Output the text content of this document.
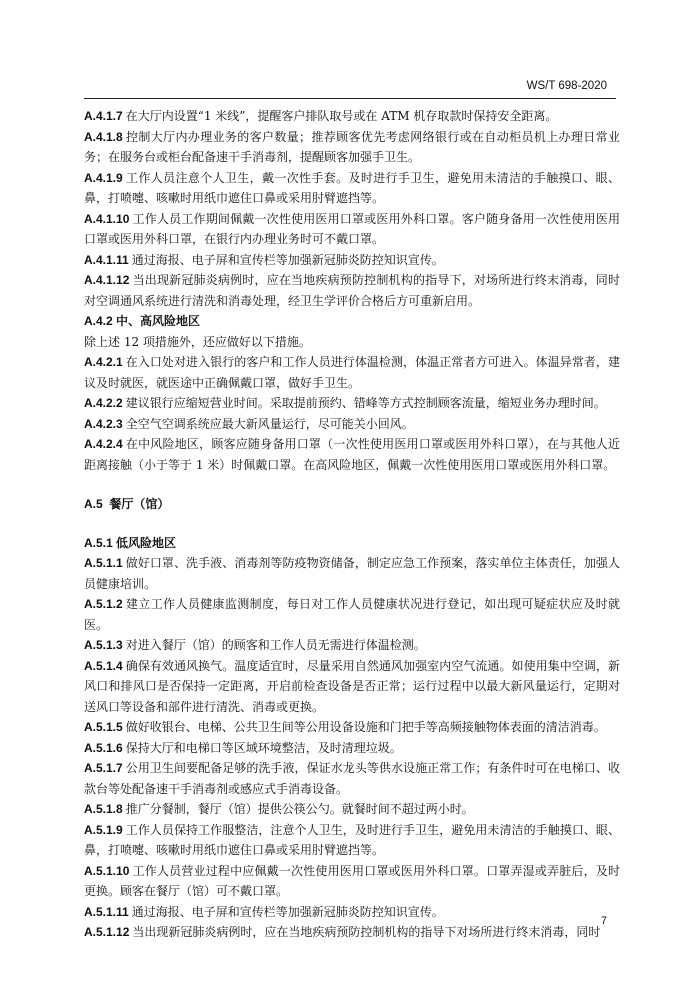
WS/T 698-2020

A.4.1.7 在大厅内设置“1 米线”，提醒客户排队取号或在 ATM 机存取款时保持安全距离。

A.4.1.8 控制大厅内办理业务的客户数量；推荐顾客优先考虑网络银行或在自动柜员机上办理日常业务；在服务台或柜台配备速干手消毒剂，提醒顾客加强手卫生。

A.4.1.9 工作人员注意个人卫生，戴一次性手套。及时进行手卫生，避免用未清洁的手触摸口、眼、鼻，打喷嚏、咳嗽时用纸巾遮住口鼻或采用肘臂遮挡等。

A.4.1.10 工作人员工作期间佩戴一次性使用医用口罩或医用外科口罩。客户随身备用一次性使用医用口罩或医用外科口罩，在银行内办理业务时可不戴口罩。

A.4.1.11 通过海报、电子屏和宣传栏等加强新冠肺炎防控知识宣传。

A.4.1.12 当出现新冠肺炎病例时，应在当地疾病预防控制机构的指导下，对场所进行终末消毒，同时对空调通风系统进行清洗和消毒处理，经卫生学评价合格后方可重新启用。

A.4.2 中、高风险地区

除上述 12 项措施外，还应做好以下措施。

A.4.2.1 在入口处对进入银行的客户和工作人员进行体温检测，体温正常者方可进入。体温异常者，建议及时就医，就医途中正确佩戴口罩，做好手卫生。

A.4.2.2 建议银行应缩短营业时间。采取提前预约、错峰等方式控制顾客流量，缩短业务办理时间。

A.4.2.3 全空气空调系统应最大新风量运行，尽可能关小回风。

A.4.2.4 在中风险地区，顾客应随身备用口罩（一次性使用医用口罩或医用外科口罩），在与其他人近距离接触（小于等于 1 米）时佩戴口罩。在高风险地区，佩戴一次性使用医用口罩或医用外科口罩。

A.5 餐厅（馆）

A.5.1 低风险地区

A.5.1.1 做好口罩、洗手液、消毒剂等防疫物资储备，制定应急工作预案，落实单位主体责任，加强人员健康培训。

A.5.1.2 建立工作人员健康监测制度，每日对工作人员健康状况进行登记，如出现可疑症状应及时就医。

A.5.1.3 对进入餐厅（馆）的顾客和工作人员无需进行体温检测。

A.5.1.4 确保有效通风换气。温度适宜时，尽量采用自然通风加强室内空气流通。如使用集中空调，新风口和排风口是否保持一定距离，开启前检查设备是否正常；运行过程中以最大新风量运行，定期对送风口等设备和部件进行清洗、消毒或更换。

A.5.1.5 做好收银台、电梯、公共卫生间等公用设备设施和门把手等高频接触物体表面的清洁消毒。

A.5.1.6 保持大厅和电梯口等区域环境整洁，及时清理垃圾。

A.5.1.7 公用卫生间要配备足够的洗手液，保证水龙头等供水设施正常工作；有条件时可在电梯口、收款台等处配备速干手消毒剂或感应式手消毒设备。

A.5.1.8 推广分餐制，餐厅（馆）提供公筷公勺。就餐时间不超过两小时。

A.5.1.9 工作人员保持工作服整洁，注意个人卫生，及时进行手卫生，避免用未清洁的手触摸口、眼、鼻，打喷嚏、咳嗽时用纸巾遮住口鼻或采用肘臂遮挡等。

A.5.1.10 工作人员营业过程中应佩戴一次性使用医用口罩或医用外科口罩。口罩弄湿或弄脏后，及时更换。顾客在餐厅（馆）可不戴口罩。

A.5.1.11 通过海报、电子屏和宣传栏等加强新冠肺炎防控知识宣传。

A.5.1.12 当出现新冠肺炎病例时，应在当地疾病预防控制机构的指导下对场所进行终末消毒，同时

7
